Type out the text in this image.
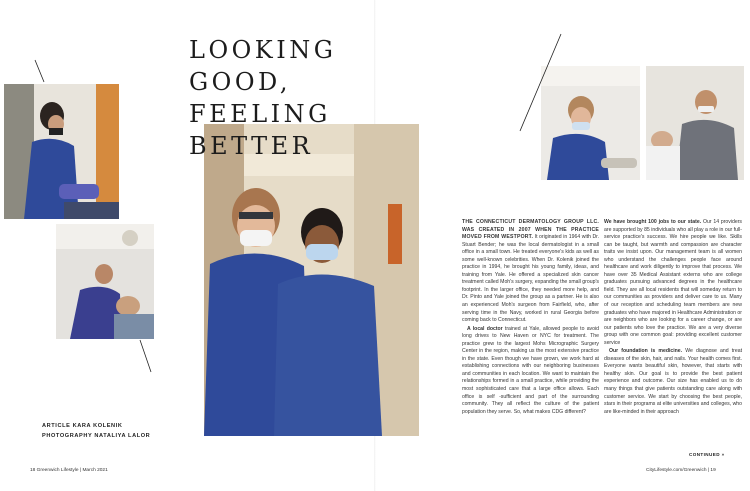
LOOKING
GOOD,
FEELING
BETTER
ARTICLE KARA KOLENIK
PHOTOGRAPHY NATALIYA LALOR

THE CONNECTICUT DERMATOLOGY GROUP LLC. WAS CREATED IN 2007 WHEN THE PRACTICE MOVED FROM WESTPORT. It originated in 1964 with Dr. Stuart Bender; he was the local dermatologist in a small office in a small town. He treated everyone's kids as well as some well-known celebrities. When Dr. Kolenik joined the practice in 1994, he brought his young family, ideas, and training from Yale. He offered a specialized skin cancer treatment called Moh's surgery, expanding the small group's footprint. In the larger office, they needed more help, and Dr. Pinto and Yale joined the group as a partner. He is also an experienced Moh's surgeon from Fairfield, who, after serving time in the Navy, worked in rural Georgia before coming back to Connecticut.

A local doctor trained at Yale, allowed people to avoid long drives to New Haven or NYC for treatment. The practice grew to the largest Mohs Micrographic Surgery Center in the region, making us the most extensive practice in the state. Even though we have grown, we work hard at establishing connections with our neighboring businesses and communities in each location. We want to maintain the relationships formed in a small practice, while providing the most sophisticated care that a large office allows. Each office is self -sufficient and part of the surrounding community. They all reflect the culture of the patient population they serve. So, what makes CDG different?

We have brought 100 jobs to our state. Our 14 providers are supported by 85 individuals who all play a role in our full-service practice's success. We hire people we like. Skills can be taught, but warmth and compassion are character traits we insist upon. Our management team is all women who understand the challenges people face around healthcare and work diligently to improve that process. We have over 35 Medical Assistant externs who are college graduates pursuing advanced degrees in the healthcare field. They are all local residents that will someday return to our communities as providers and deliver care to us. Many of our reception and scheduling team members are new graduates who have majored in Healthcare Administration or are neighbors who are looking for a career change, or are our patients who love the practice. We are a very diverse group with one common goal: providing excellent customer service

Our foundation is medicine. We diagnose and treat diseases of the skin, hair, and nails. Your health comes first. Everyone wants beautiful skin, however, that starts with healthy skin. Our goal is to provide the best patient experience and outcome. Our size has enabled us to do many things that give patients outstanding care along with customer service. We start by choosing the best people, stars in their programs at elite universities and colleges, who are like-minded in their approach

CONTINUED »
18 Greenwich Lifestyle | March 2021	CityLifestyle.com/Greenwich | 19
